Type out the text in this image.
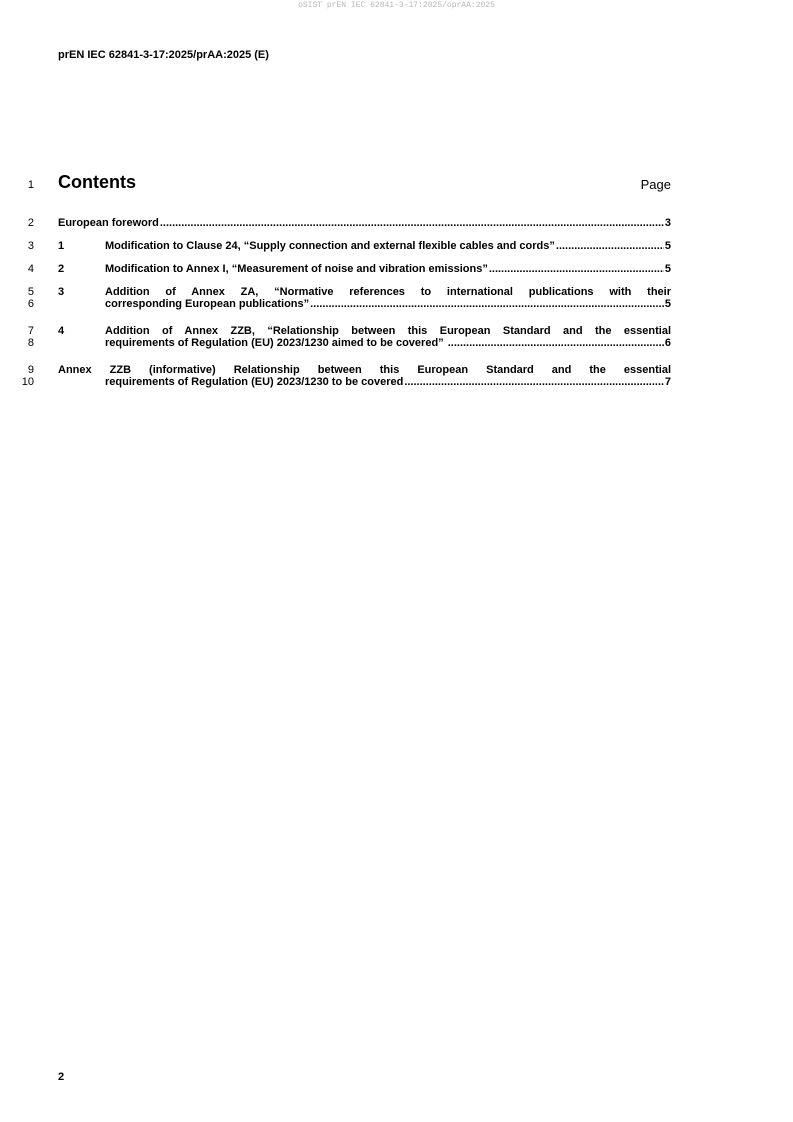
oSIST prEN IEC 62841-3-17:2025/oprAA:2025
prEN IEC 62841-3-17:2025/prAA:2025 (E)
1
2
3
4
5
6
7
8
9
10
Contents	Page
European foreword .....	3
1	Modification to Clause 24, “Supply connection and external flexible cables and cords” .....	5
2	Modification to Annex I, “Measurement of noise and vibration emissions” .....	5
3	Addition of Annex ZA, “Normative references to international publications with their
corresponding European publications” .....	5
4	Addition of Annex ZZB, “Relationship between this European Standard and the essential
requirements of Regulation (EU) 2023/1230 aimed to be covered” .....	6
Annex ZZB (informative) Relationship between this European Standard and the essential
requirements of Regulation (EU) 2023/1230 to be covered .....	7
2
